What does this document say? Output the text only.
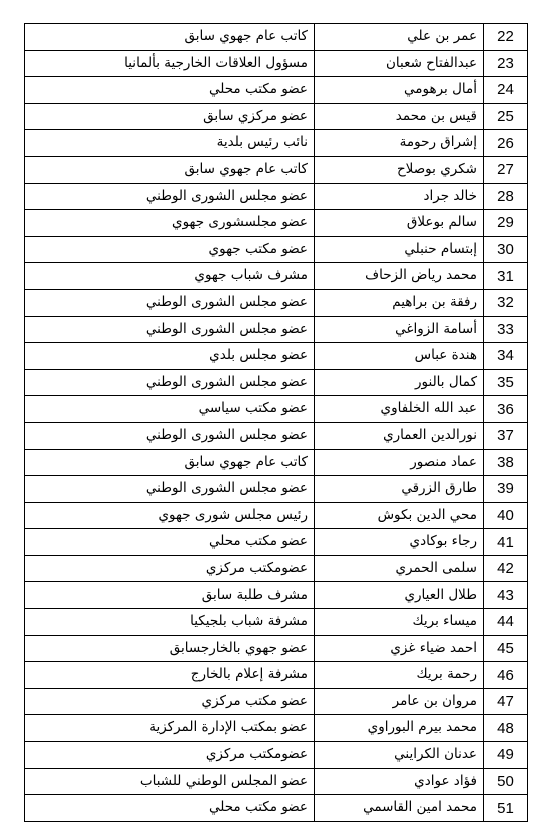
22	عمر بن علي	كاتب عام جهوي سابق
23	عبدالفتاح شعبان	مسؤول العلاقات الخارجية بألمانيا
24	أمال برهومي	عضو مكتب محلي
25	قيس بن محمد	عضو مركزي سابق
26	إشراق رحومة	نائب رئيس بلدية
27	شكري بوصلاح	كاتب عام جهوي سابق
28	خالد جراد	عضو مجلس الشورى الوطني
29	سالم بوعلاق	عضو مجلسشورى جهوي
30	إبتسام حنبلي	عضو مكتب جهوي
31	محمد رياض الزحاف	مشرف شباب جهوي
32	رفقة بن براهيم	عضو مجلس الشورى الوطني
33	أسامة الزواغي	عضو مجلس الشورى الوطني
34	هندة عباس	عضو مجلس بلدي
35	كمال بالنور	عضو مجلس الشورى الوطني
36	عبد الله الخلفاوي	عضو مكتب سياسي
37	نورالدين العماري	عضو مجلس الشورى الوطني
38	عماد منصور	كاتب عام جهوي سابق
39	طارق الزرقي	عضو مجلس الشورى الوطني
40	محي الدين بكوش	رئيس مجلس شورى جهوي
41	رجاء بوكادي	عضو مكتب محلي
42	سلمى الحمري	عضومكتب مركزي
43	طلال العياري	مشرف طلبة سابق
44	ميساء بريك	مشرفة شباب بلجيكيا
45	احمد ضياء غزي	عضو جهوي بالخارجسابق
46	رحمة بريك	مشرفة إعلام بالخارج
47	مروان بن عامر	عضو مكتب مركزي
48	محمد بيرم البوراوي	عضو بمكتب الإدارة المركزية
49	عدنان الكرايني	عضومكتب مركزي
50	فؤاد عوادي	عضو المجلس الوطني للشباب
51	محمد امين القاسمي	عضو مكتب محلي
